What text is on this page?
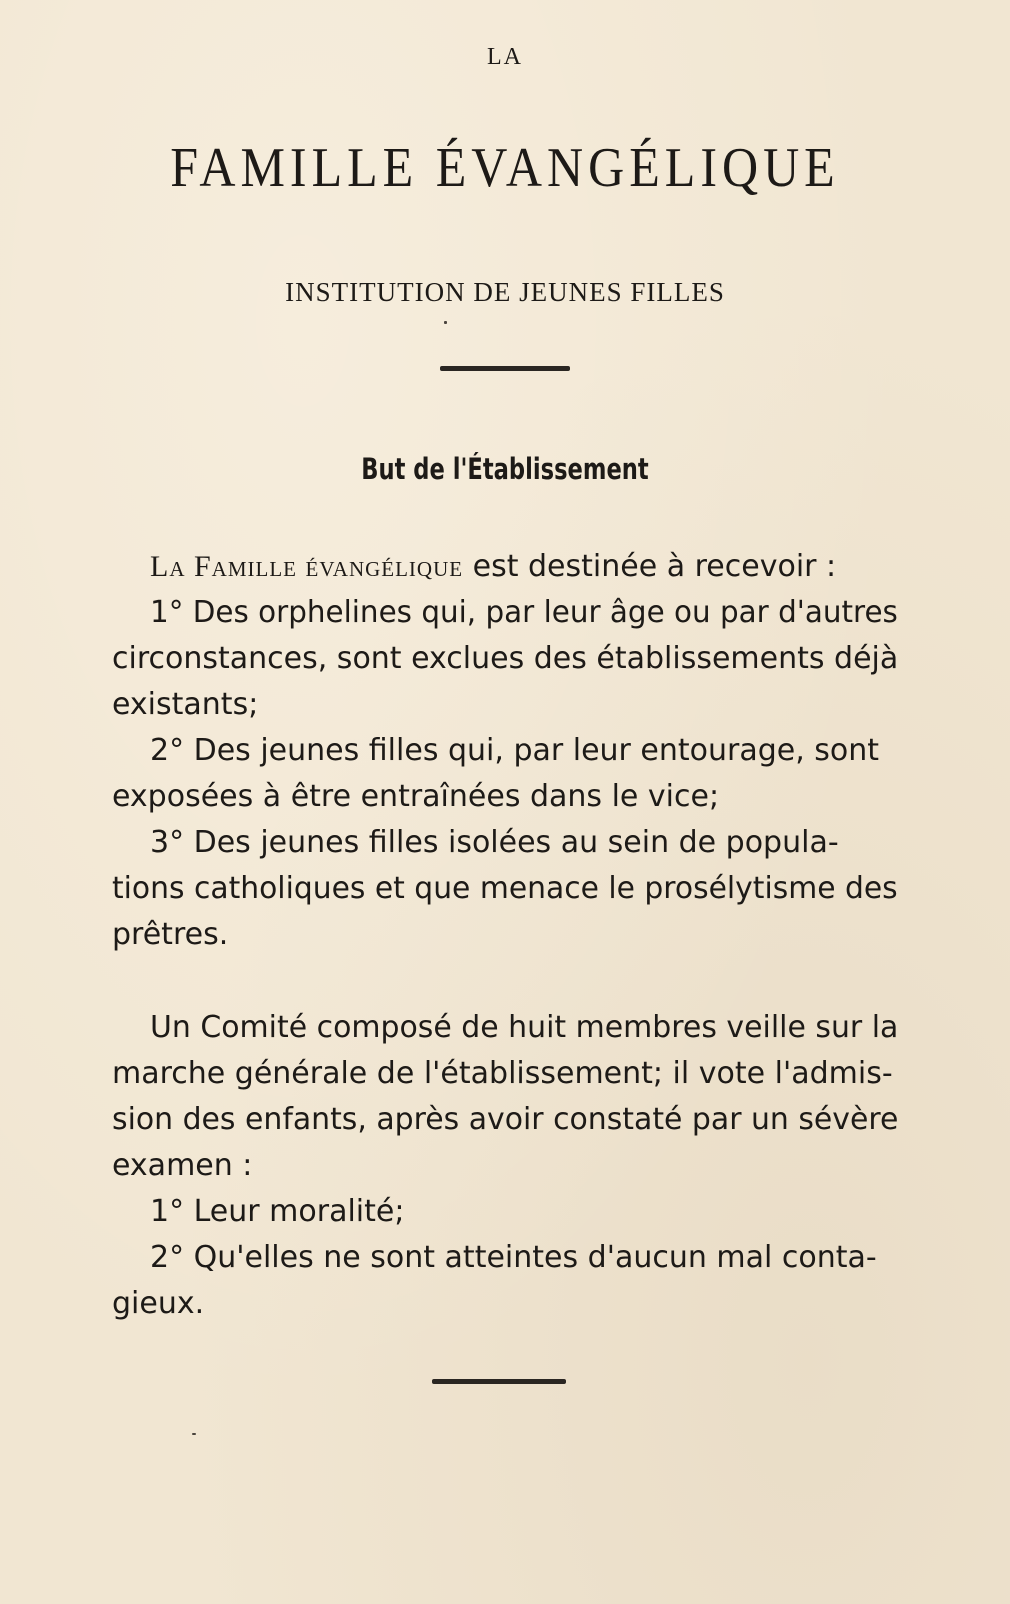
LA
FAMILLE ÉVANGÉLIQUE
INSTITUTION DE JEUNES FILLES
But de l'Établissement
La Famille évangélique est destinée à recevoir :
1° Des orphelines qui, par leur âge ou par d'autres
circonstances, sont exclues des établissements déjà
existants;
2° Des jeunes filles qui, par leur entourage, sont
exposées à être entraînées dans le vice;
3° Des jeunes filles isolées au sein de popula-
tions catholiques et que menace le prosélytisme des
prêtres.
Un Comité composé de huit membres veille sur la
marche générale de l'établissement; il vote l'admis-
sion des enfants, après avoir constaté par un sévère
examen :
1° Leur moralité;
2° Qu'elles ne sont atteintes d'aucun mal conta-
gieux.
